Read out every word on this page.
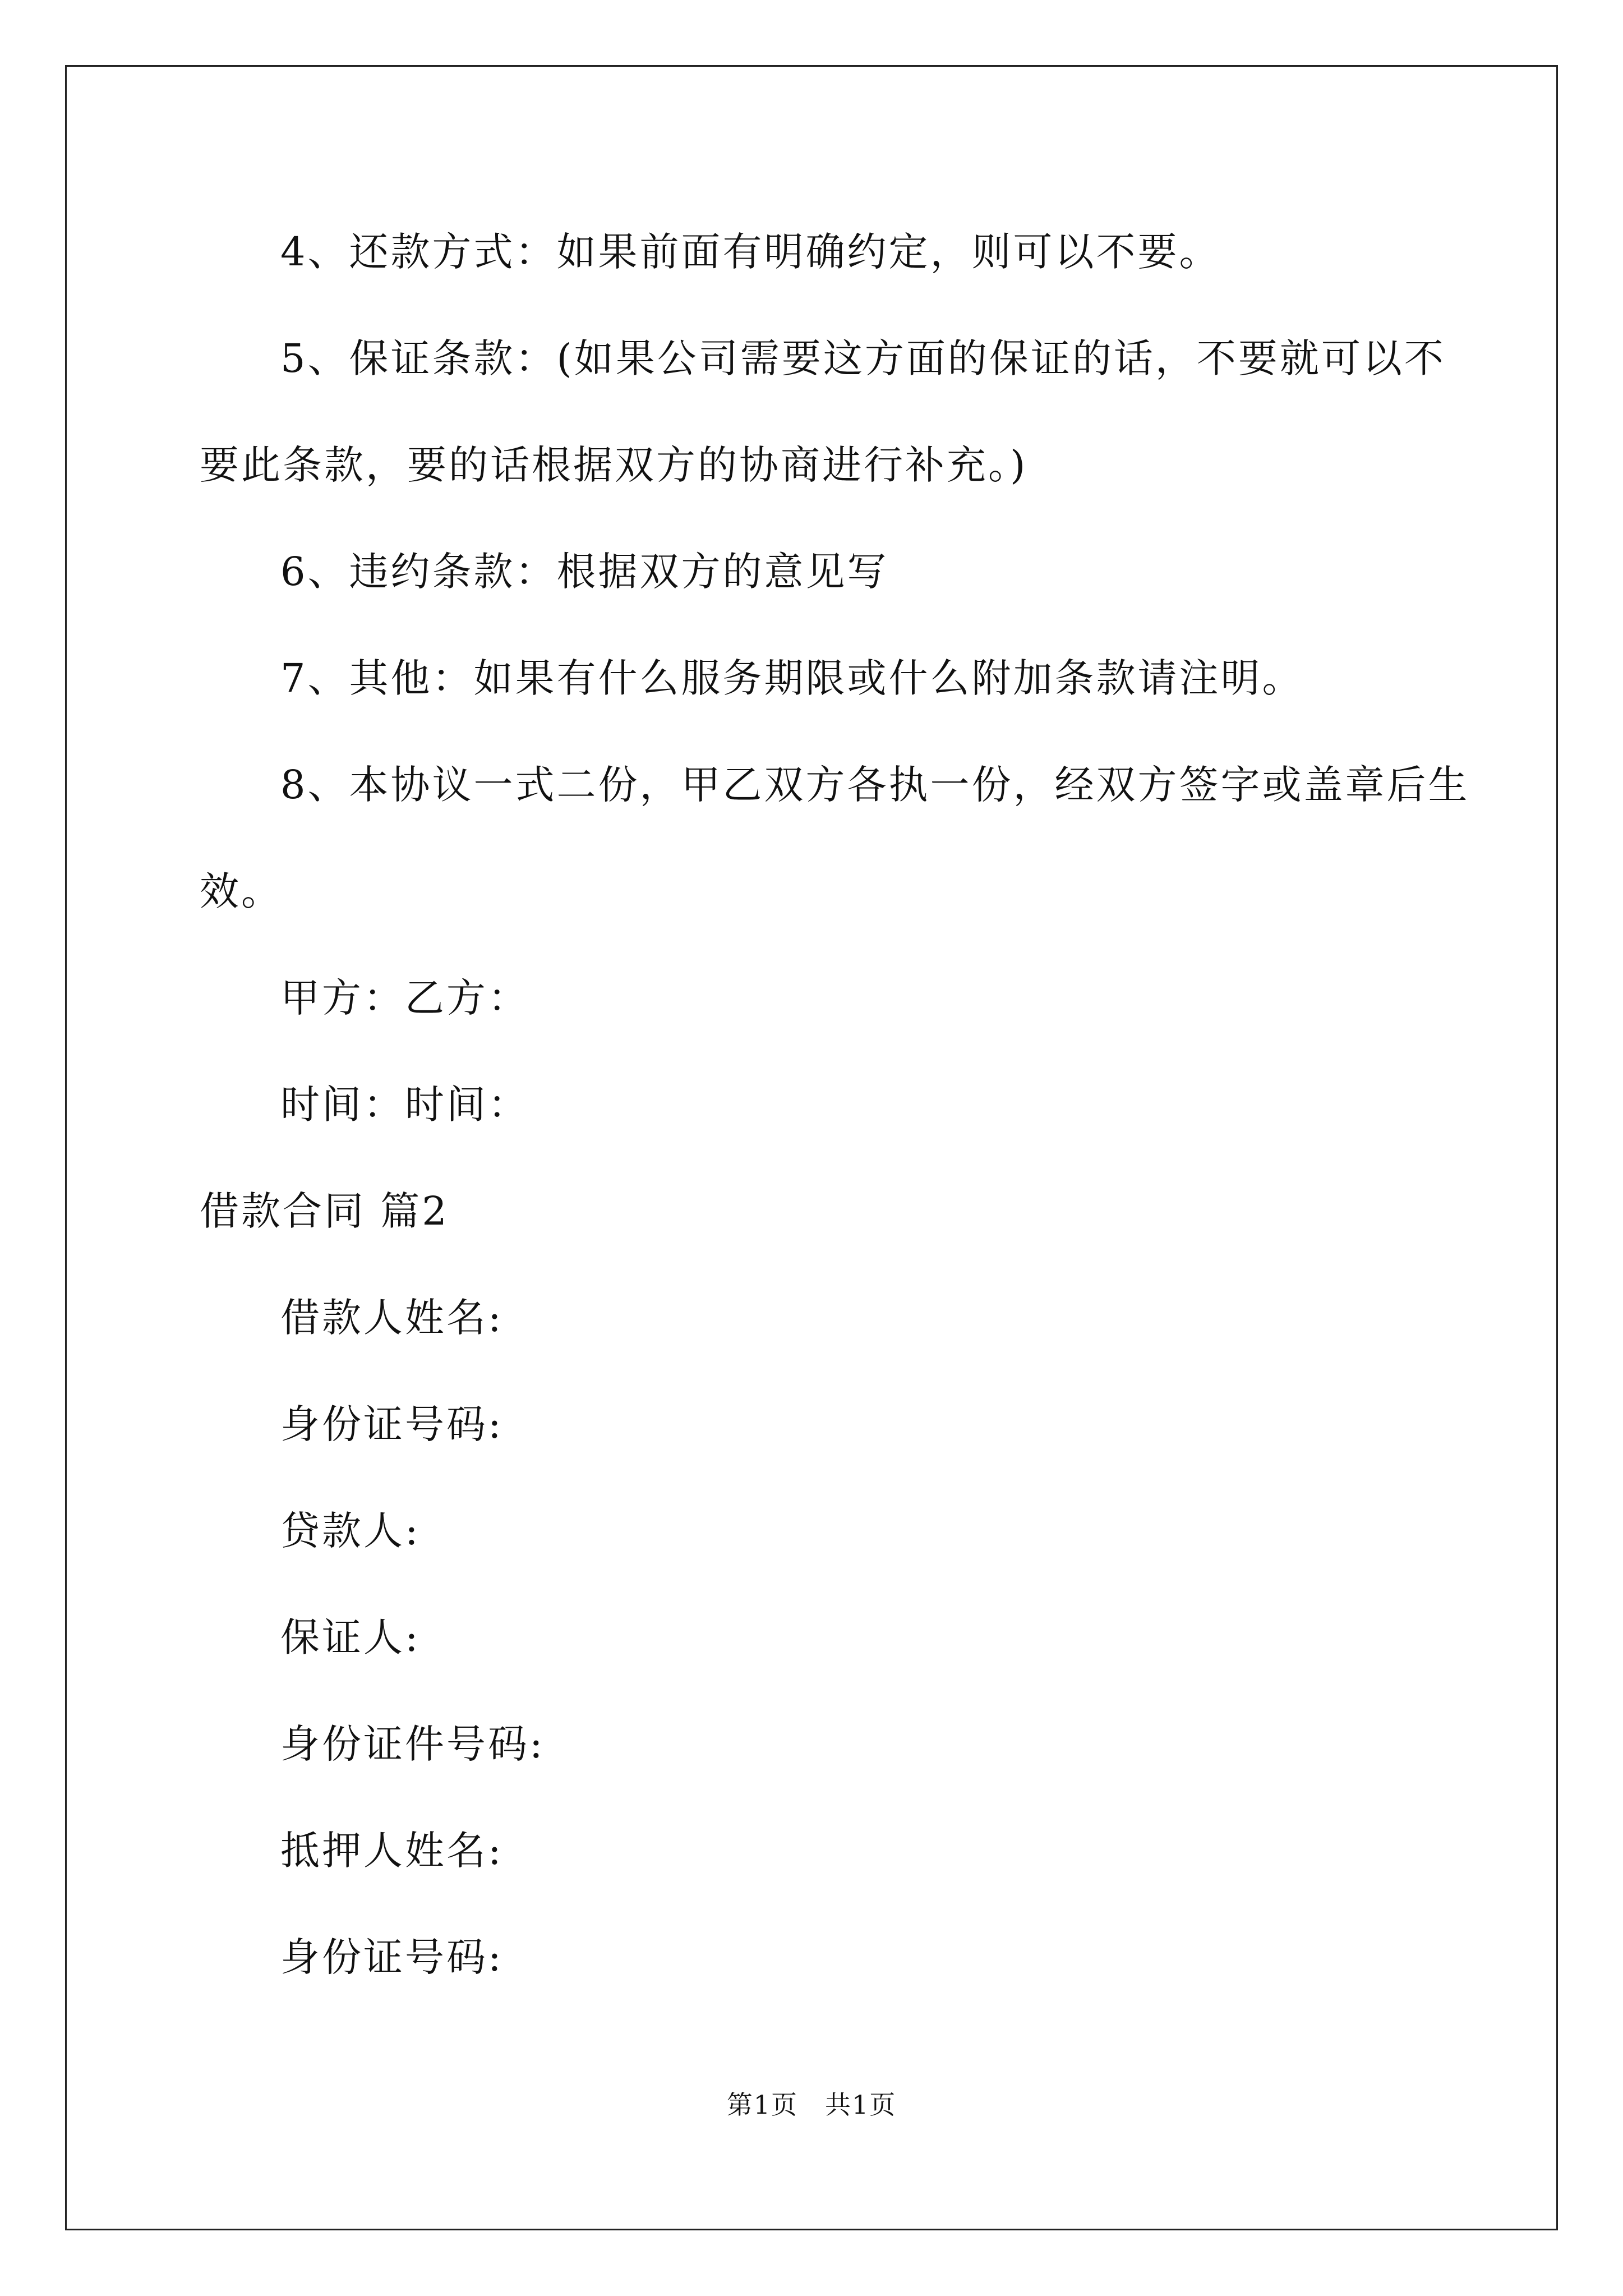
4、还款方式：如果前面有明确约定，则可以不要。
5、保证条款：(如果公司需要这方面的保证的话，不要就可以不
要此条款，要的话根据双方的协商进行补充。)
6、违约条款：根据双方的意见写
7、其他：如果有什么服务期限或什么附加条款请注明。
8、本协议一式二份，甲乙双方各执一份，经双方签字或盖章后生
效。
甲方：乙方：
时间：时间：
借款合同 篇2
借款人姓名:
身份证号码:
贷款人:
保证人:
身份证件号码:
抵押人姓名:
身份证号码:
第1页　共1页
